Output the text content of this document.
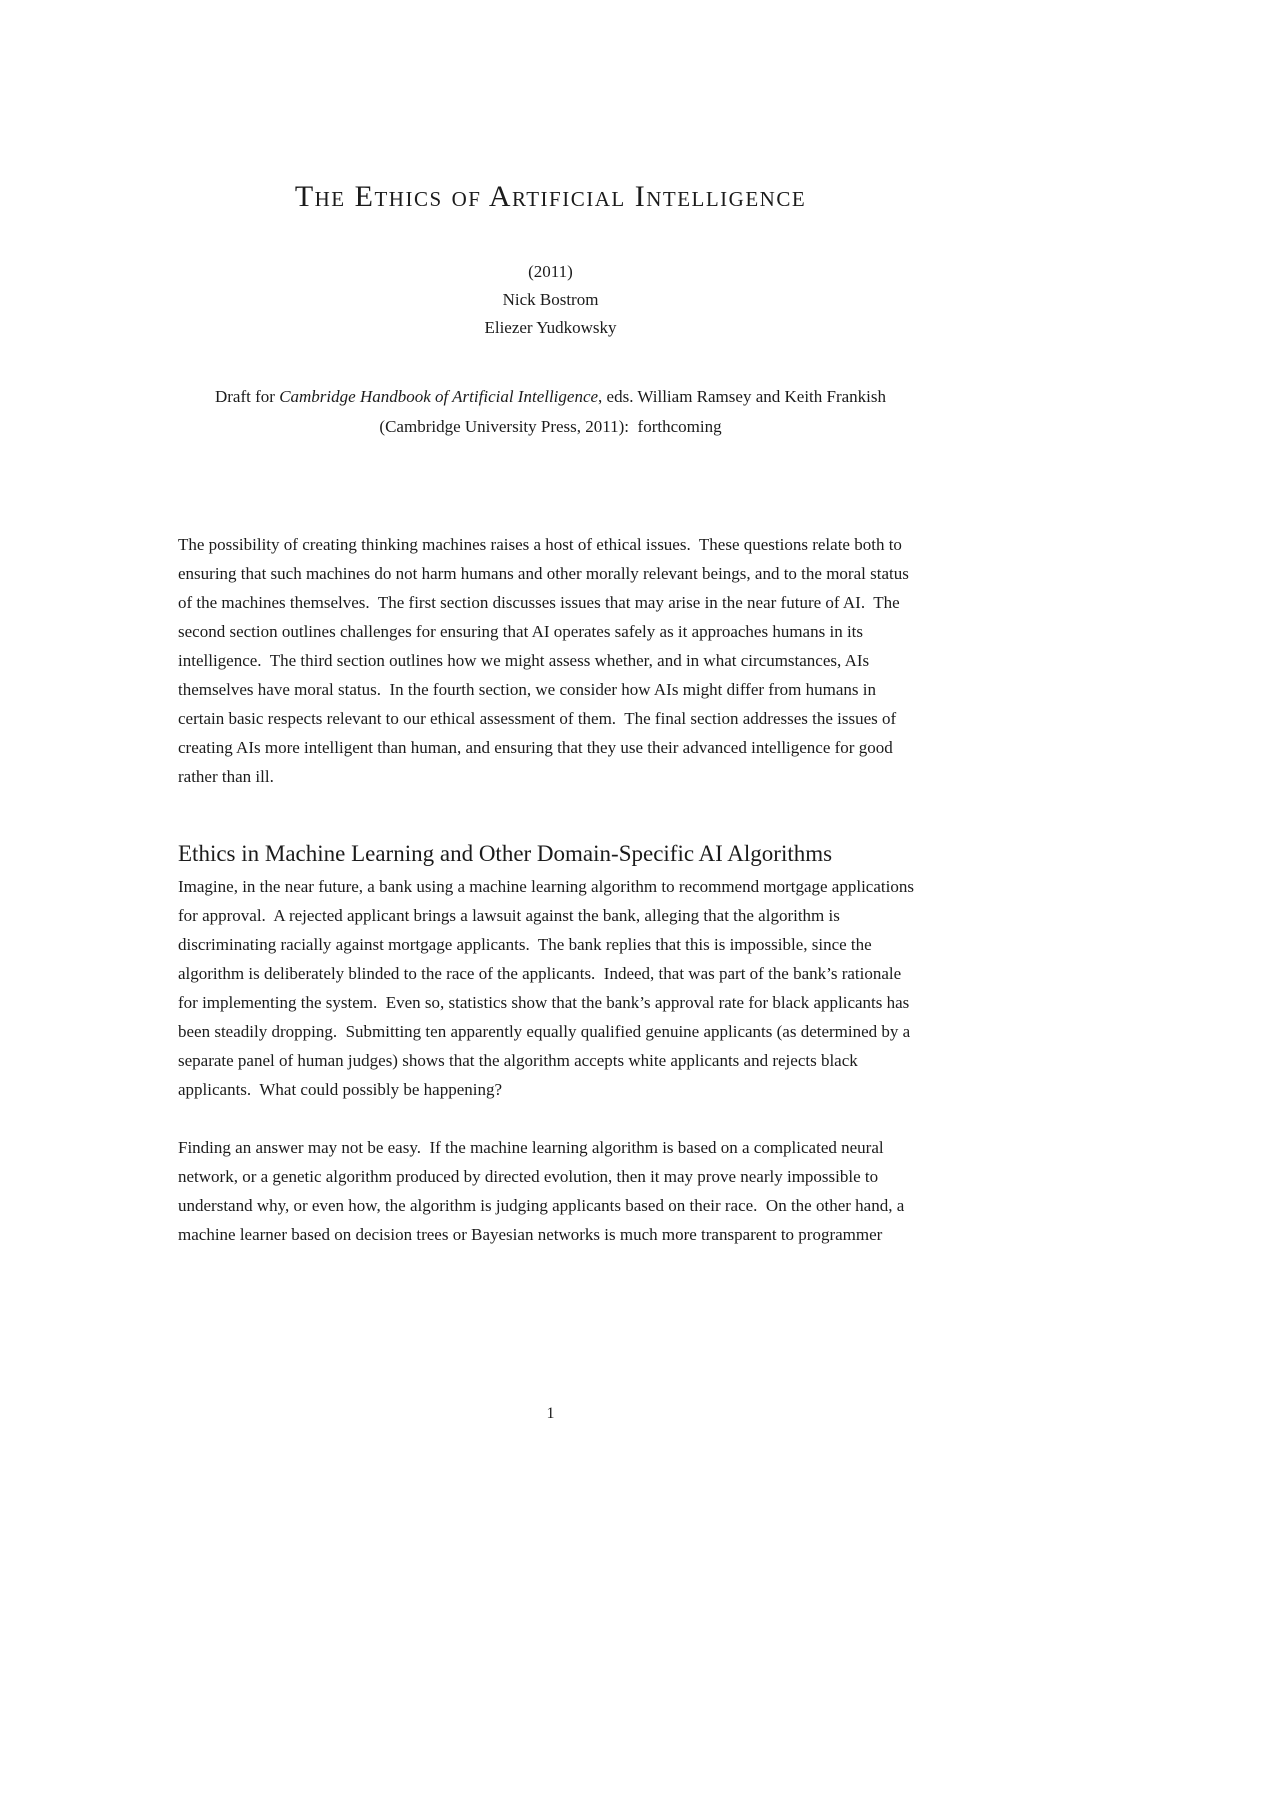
The Ethics of Artificial Intelligence

(2011)

Nick Bostrom

Eliezer Yudkowsky

Draft for Cambridge Handbook of Artificial Intelligence, eds. William Ramsey and Keith Frankish (Cambridge University Press, 2011):  forthcoming

The possibility of creating thinking machines raises a host of ethical issues.  These questions relate both to ensuring that such machines do not harm humans and other morally relevant beings, and to the moral status of the machines themselves.  The first section discusses issues that may arise in the near future of AI.  The second section outlines challenges for ensuring that AI operates safely as it approaches humans in its intelligence.  The third section outlines how we might assess whether, and in what circumstances, AIs themselves have moral status.  In the fourth section, we consider how AIs might differ from humans in certain basic respects relevant to our ethical assessment of them.  The final section addresses the issues of creating AIs more intelligent than human, and ensuring that they use their advanced intelligence for good rather than ill.

Ethics in Machine Learning and Other Domain-Specific AI Algorithms

Imagine, in the near future, a bank using a machine learning algorithm to recommend mortgage applications for approval.  A rejected applicant brings a lawsuit against the bank, alleging that the algorithm is discriminating racially against mortgage applicants.  The bank replies that this is impossible, since the algorithm is deliberately blinded to the race of the applicants.  Indeed, that was part of the bank’s rationale for implementing the system.  Even so, statistics show that the bank’s approval rate for black applicants has been steadily dropping.  Submitting ten apparently equally qualified genuine applicants (as determined by a separate panel of human judges) shows that the algorithm accepts white applicants and rejects black applicants.  What could possibly be happening?

Finding an answer may not be easy.  If the machine learning algorithm is based on a complicated neural network, or a genetic algorithm produced by directed evolution, then it may prove nearly impossible to understand why, or even how, the algorithm is judging applicants based on their race.  On the other hand, a machine learner based on decision trees or Bayesian networks is much more transparent to programmer

1
